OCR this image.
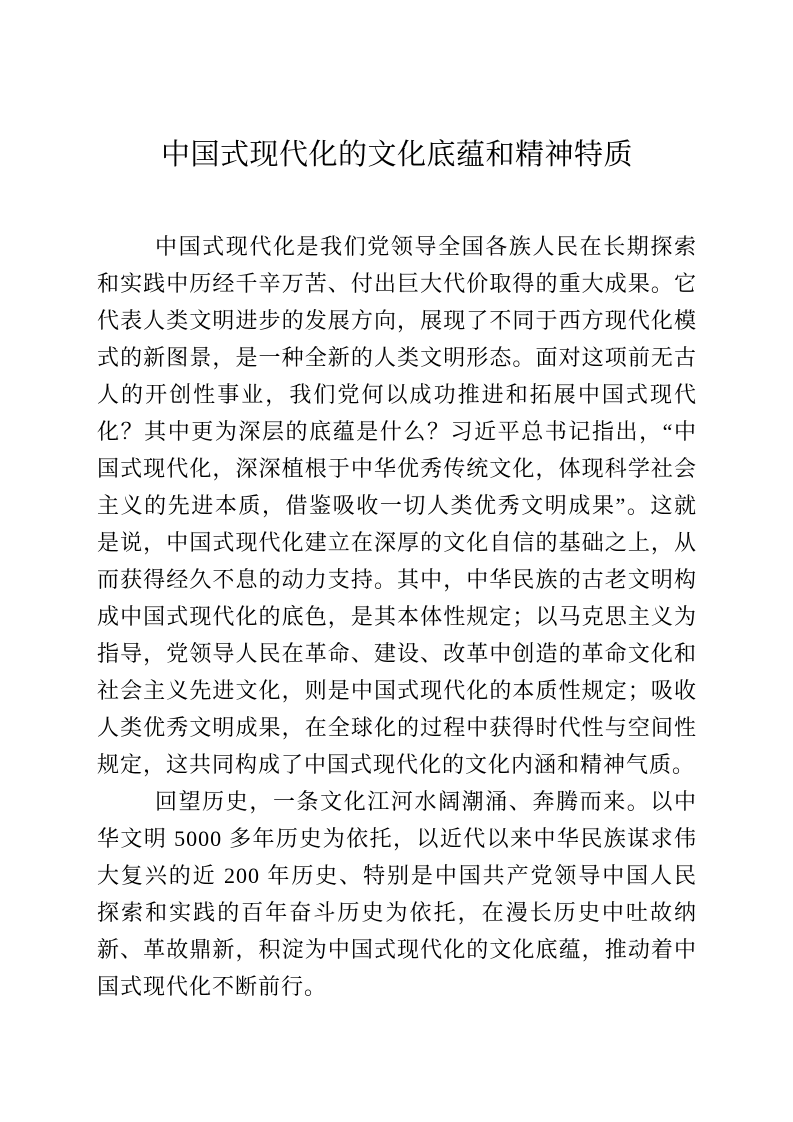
中国式现代化的文化底蕴和精神特质

中国式现代化是我们党领导全国各族人民在长期探索和实践中历经千辛万苦、付出巨大代价取得的重大成果。它代表人类文明进步的发展方向，展现了不同于西方现代化模式的新图景，是一种全新的人类文明形态。面对这项前无古人的开创性事业，我们党何以成功推进和拓展中国式现代化？其中更为深层的底蕴是什么？习近平总书记指出，“中国式现代化，深深植根于中华优秀传统文化，体现科学社会主义的先进本质，借鉴吸收一切人类优秀文明成果”。这就是说，中国式现代化建立在深厚的文化自信的基础之上，从而获得经久不息的动力支持。其中，中华民族的古老文明构成中国式现代化的底色，是其本体性规定；以马克思主义为指导，党领导人民在革命、建设、改革中创造的革命文化和社会主义先进文化，则是中国式现代化的本质性规定；吸收人类优秀文明成果，在全球化的过程中获得时代性与空间性规定，这共同构成了中国式现代化的文化内涵和精神气质。

回望历史，一条文化江河水阔潮涌、奔腾而来。以中华文明 5000 多年历史为依托，以近代以来中华民族谋求伟大复兴的近 200 年历史、特别是中国共产党领导中国人民探索和实践的百年奋斗历史为依托，在漫长历史中吐故纳新、革故鼎新，积淀为中国式现代化的文化底蕴，推动着中国式现代化不断前行。
